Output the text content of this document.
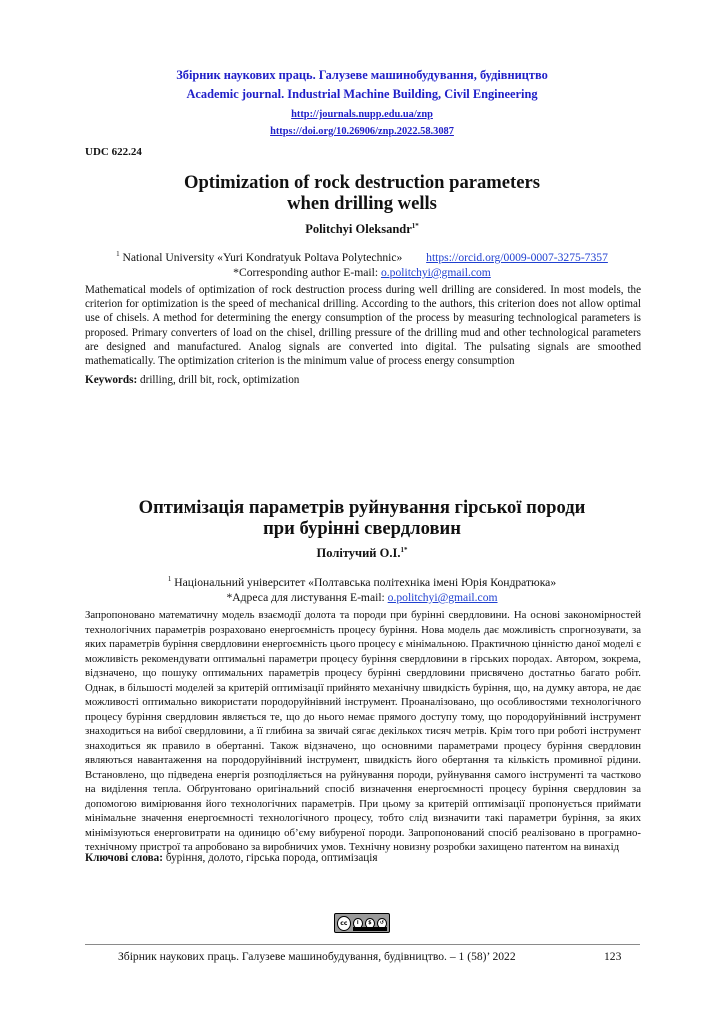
Збірник наукових праць. Галузеве машинобудування, будівництво
Academic journal. Industrial Machine Building, Civil Engineering
http://journals.nupp.edu.ua/znp
https://doi.org/10.26906/znp.2022.58.3087
UDC 622.24
Optimization of rock destruction parameters
when drilling wells
Politchyi Oleksandr$^{1*}$
$^1$ National University «Yuri Kondratyuk Poltava Polytechnic» https://orcid.org/0009-0007-3275-7357
*Corresponding author E-mail: o.politchyi@gmail.com
Mathematical models of optimization of rock destruction process during well drilling are considered. In most models, the criterion for optimization is the speed of mechanical drilling. According to the authors, this criterion does not allow optimal use of chisels. A method for determining the energy consumption of the process by measuring technological parameters is proposed. Primary converters of load on the chisel, drilling pressure of the drilling mud and other technological parameters are designed and manufactured. Analog signals are converted into digital. The pulsating signals are smoothed mathematically. The optimization criterion is the minimum value of process energy consumption
Keywords: drilling, drill bit, rock, optimization
Оптимізація параметрів руйнування гірської породи
при бурінні свердловин
Політучий О.І.$^{1*}$
$^1$ Національний університет «Полтавська політехніка імені Юрія Кондратюка»
*Адреса для листування E-mail: o.politchyi@gmail.com
Запропоновано математичну модель взаємодії долота та породи при бурінні свердловини. На основі закономірностей технологічних параметрів розраховано енергоємність процесу буріння. Нова модель дає можливість спрогнозувати, за яких параметрів буріння свердловини енергоємність цього процесу є мінімальною. Практичною цінністю даної моделі є можливість рекомендувати оптимальні параметри процесу буріння свердловини в гірських породах. Автором, зокрема, відзначено, що пошуку оптимальних параметрів процесу бурінні свердловини присвячено достатньо багато робіт. Однак, в більшості моделей за критерій оптимізації прийнято механічну швидкість буріння, що, на думку автора, не дає можливості оптимально використати породоруйнівний інструмент. Проаналізовано, що особливостями технологічного процесу буріння свердловин являється те, що до нього немає прямого доступу тому, що породоруйнівний інструмент знаходиться на вибої свердловини, а її глибина за звичай сягає декількох тисяч метрів. Крім того при роботі інструмент знаходиться як правило в обертанні. Також відзначено, що основними параметрами процесу буріння свердловин являються навантаження на породоруйнівний інструмент, швидкість його обертання та кількість промивної рідини. Встановлено, що підведена енергія розподіляється на руйнування породи, руйнування самого інструменті та частково на виділення тепла. Обґрунтовано оригінальний спосіб визначення енергоємності процесу буріння свердловин за допомогою вимірювання його технологічних параметрів. При цьому за критерій оптимізації пропонується приймати мінімальне значення енергоємності технологічного процесу, тобто слід визначити такі параметри буріння, за яких мінімізуються енерговитрати на одиницю об’єму вибуреної породи. Запропонований спосіб реалізовано в програмно-технічному пристрої та апробовано за виробничих умов. Технічну новизну розробки захищено патентом на винахід
Ключові слова: буріння, долото, гірська порода, оптимізація
cc	i	$	↺
Збірник наукових праць. Галузеве машинобудування, будівництво. – 1 (58)’ 2022	123
